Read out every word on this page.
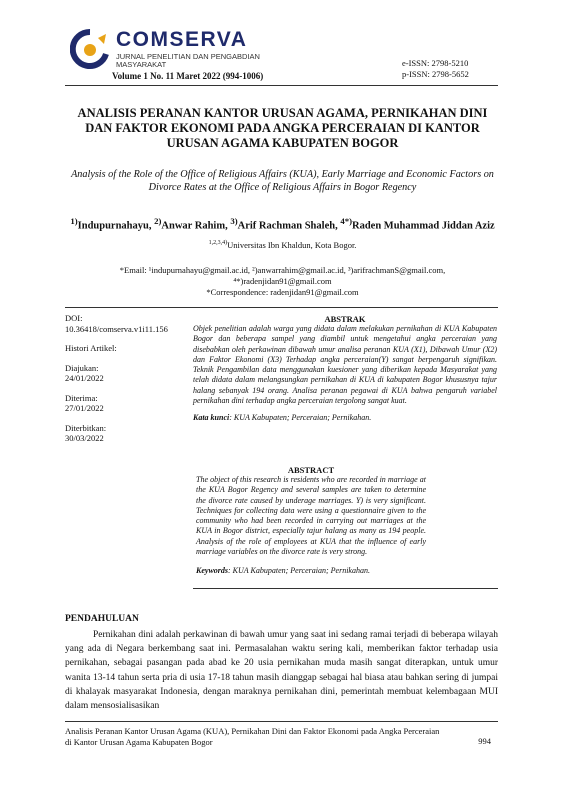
COMSERVA
JURNAL PENELITIAN DAN PENGABDIAN MASYARAKAT
Volume 1 No. 11 Maret 2022 (994-1006)
e-ISSN: 2798-5210
p-ISSN: 2798-5652
ANALISIS PERANAN KANTOR URUSAN AGAMA, PERNIKAHAN DINI DAN FAKTOR EKONOMI PADA ANGKA PERCERAIAN DI KANTOR URUSAN AGAMA KABUPATEN BOGOR
Analysis of the Role of the Office of Religious Affairs (KUA), Early Marriage and Economic Factors on Divorce Rates at the Office of Religious Affairs in Bogor Regency
$^{1)}$Indupurnahayu, $^{2)}$Anwar Rahim, $^{3)}$Arif Rachman Shaleh, $^{4*)}$Raden Muhammad Jiddan Aziz
$^{1,2,3,4)}$Universitas Ibn Khaldun, Kota Bogor.
*Email: ¹indupurnahayu@gmail.ac.id, ²)anwarrahim@gmail.ac.id, ³)arifrachmanS@gmail.com,
⁴*)radenjidan91@gmail.com
*Correspondence: radenjidan91@gmail.com
DOI:
10.36418/comserva.v1i11.156
Histori Artikel:
Diajukan:
24/01/2022
Diterima:
27/01/2022
Diterbitkan:
30/03/2022
ABSTRAK
Objek penelitian adalah warga yang didata dalam melakukan pernikahan di KUA Kabupaten Bogor dan beberapa sampel yang diambil untuk mengetahui angka perceraian yang disebabkan oleh perkawinan dibawah umur analisa peranan KUA (X1), Dibawah Umur (X2) dan Faktor Ekonomi (X3) Terhadap angka perceraian(Y) sangat berpengaruh signifikan. Teknik Pengambilan data menggunakan kuesioner yang diberikan kepada Masyarakat yang telah didata dalam melangsungkan pernikahan di KUA di kabupaten Bogor khususnya tajur halang sebanyak 194 orang. Analisa peranan pegawai di KUA bahwa pengaruh variabel pernikahan dini terhadap angka perceraian tergolong sangat kuat.
Kata kunci: KUA Kabupaten; Perceraian; Pernikahan.
ABSTRACT
The object of this research is residents who are recorded in marriage at the KUA Bogor Regency and several samples are taken to determine the divorce rate caused by underage marriages. Y) is very significant. Techniques for collecting data were using a questionnaire given to the community who had been recorded in carrying out marriages at the KUA in Bogor district, especially tajur halang as many as 194 people. Analysis of the role of employees at KUA that the influence of early marriage variables on the divorce rate is very strong.
Keywords: KUA Kabupaten; Perceraian; Pernikahan.
PENDAHULUAN
Pernikahan dini adalah perkawinan di bawah umur yang saat ini sedang ramai terjadi di beberapa wilayah yang ada di Negara berkembang saat ini. Permasalahan waktu sering kali, memberikan faktor terhadap usia pernikahan, sebagai pasangan pada abad ke 20 usia pernikahan muda masih sangat diterapkan, untuk umur wanita 13-14 tahun serta pria di usia 17-18 tahun masih dianggap sebagai hal biasa atau bahkan sering di jumpai di khalayak masyarakat Indonesia, dengan maraknya pernikahan dini, pemerintah membuat kelembagaan MUI dalam mensosialisasikan
Analisis Peranan Kantor Urusan Agama (KUA), Pernikahan Dini dan Faktor Ekonomi pada Angka Perceraian
di Kantor Urusan Agama Kabupaten Bogor	994
